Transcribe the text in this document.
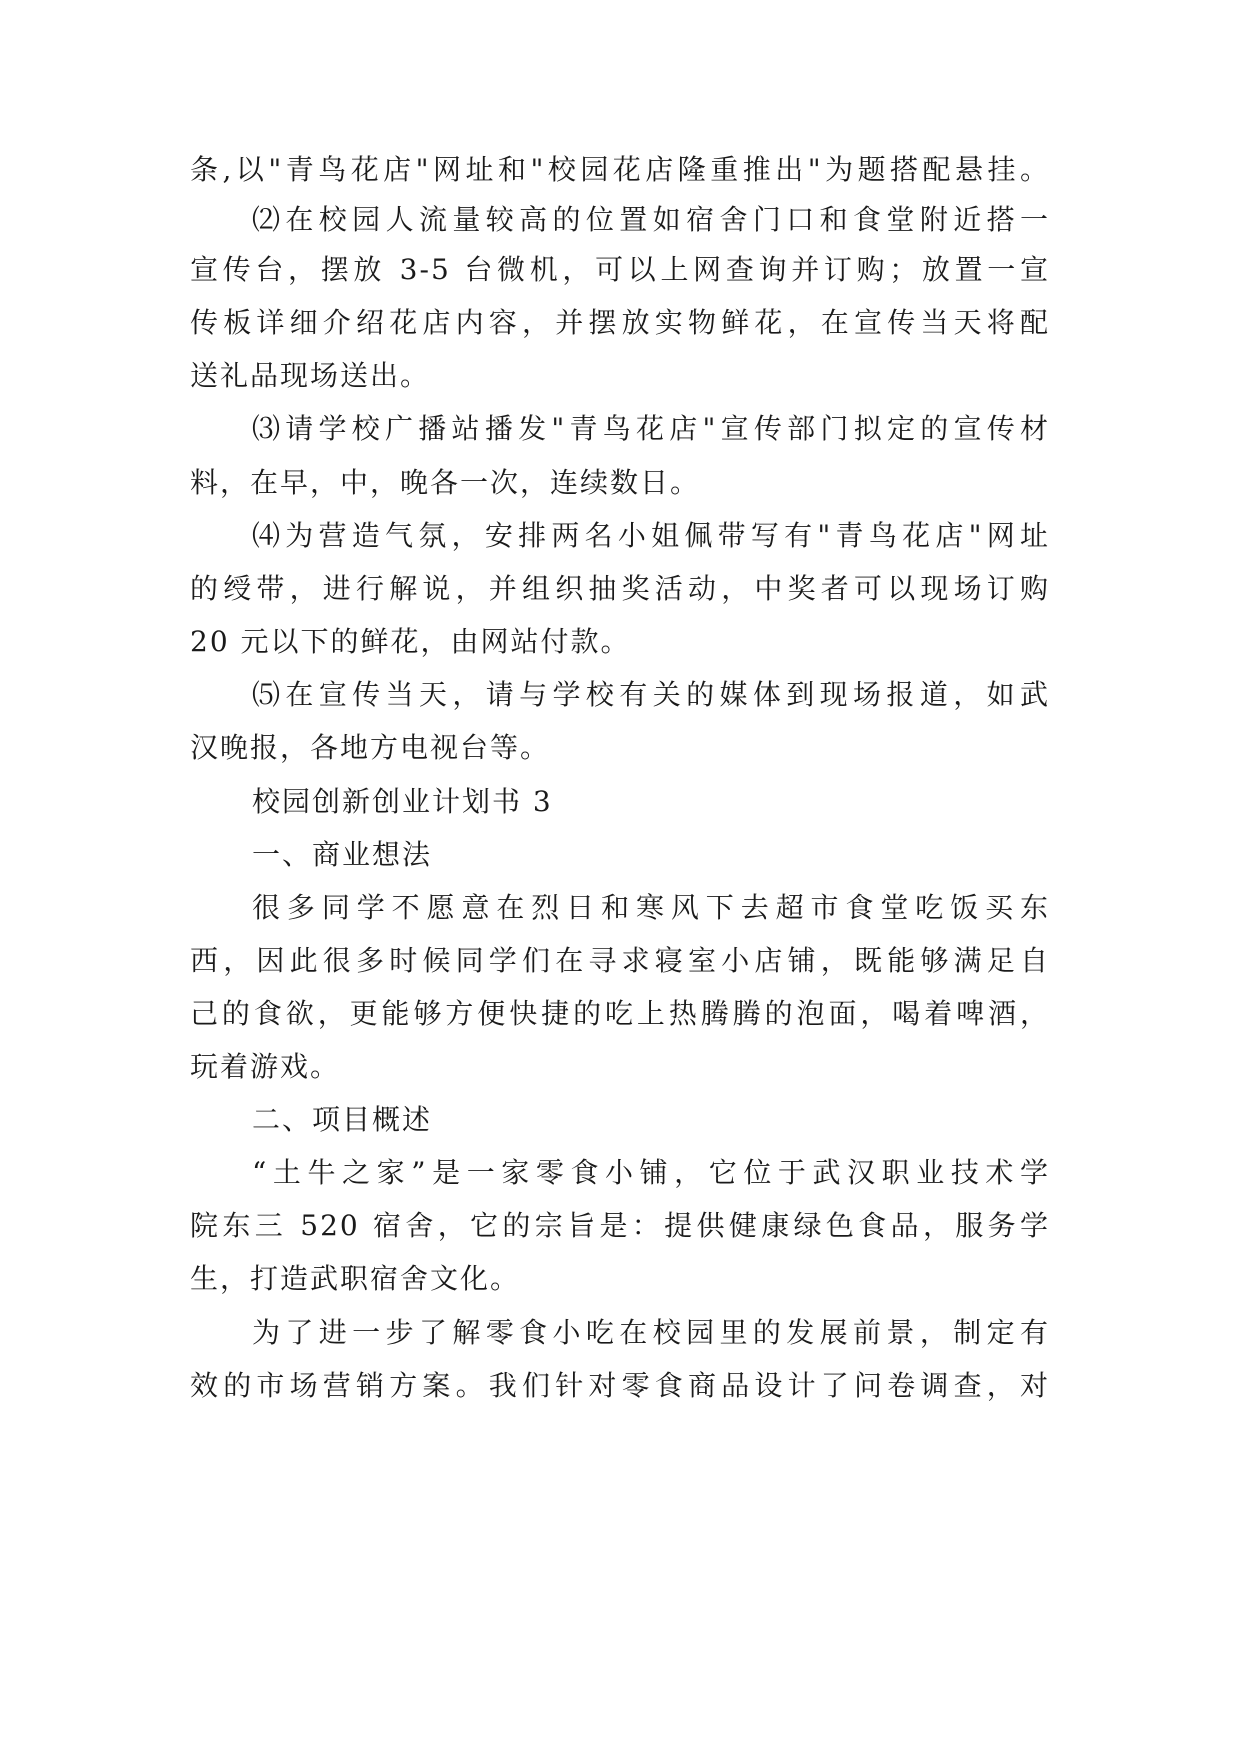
条,以"青鸟花店"网址和"校园花店隆重推出"为题搭配悬挂。
⑵在校园人流量较高的位置如宿舍门口和食堂附近搭一
宣传台，摆放 3-5 台微机，可以上网查询并订购；放置一宣
传板详细介绍花店内容，并摆放实物鲜花，在宣传当天将配
送礼品现场送出。
⑶请学校广播站播发"青鸟花店"宣传部门拟定的宣传材
料，在早，中，晚各一次，连续数日。
⑷为营造气氛，安排两名小姐佩带写有"青鸟花店"网址
的绶带，进行解说，并组织抽奖活动，中奖者可以现场订购
20 元以下的鲜花，由网站付款。
⑸在宣传当天，请与学校有关的媒体到现场报道，如武
汉晚报，各地方电视台等。
校园创新创业计划书 3
一、商业想法
很多同学不愿意在烈日和寒风下去超市食堂吃饭买东
西，因此很多时候同学们在寻求寝室小店铺，既能够满足自
己的食欲，更能够方便快捷的吃上热腾腾的泡面，喝着啤酒，
玩着游戏。
二、项目概述
“土牛之家”是一家零食小铺，它位于武汉职业技术学
院东三 520 宿舍，它的宗旨是：提供健康绿色食品，服务学
生，打造武职宿舍文化。
为了进一步了解零食小吃在校园里的发展前景，制定有
效的市场营销方案。我们针对零食商品设计了问卷调查，对
